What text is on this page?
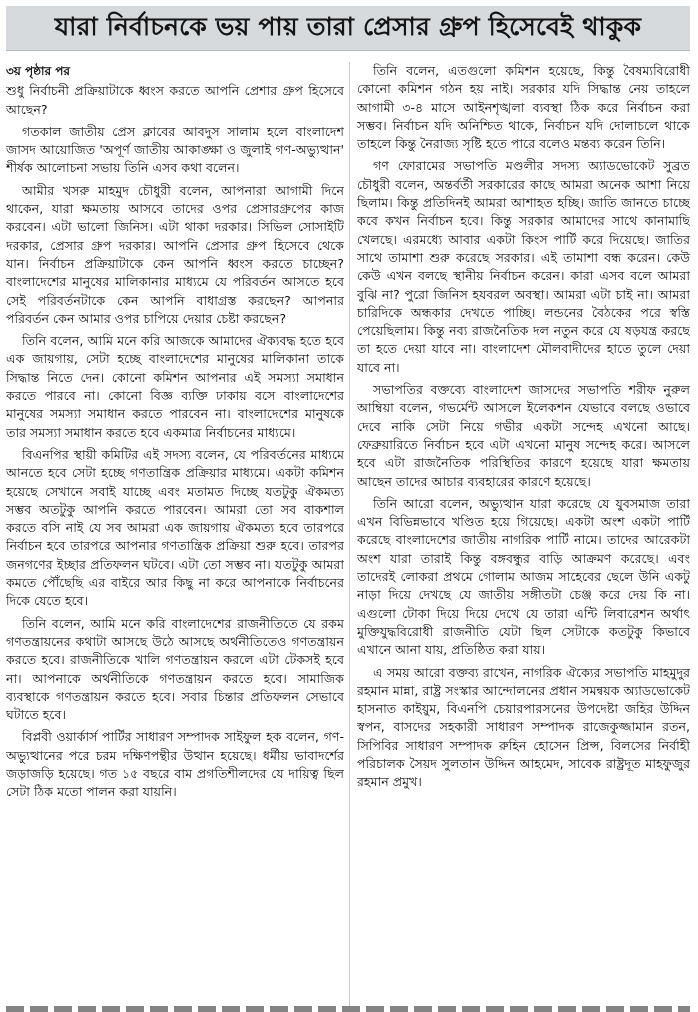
যারা নির্বাচনকে ভয় পায় তারা প্রেসার গ্রুপ হিসেবেই থাকুক

৩য় পৃষ্ঠার পর

শুধু নির্বাচনী প্রক্রিয়াটাকে ধ্বংস করতে আপনি প্রেশার গ্রুপ হিসেবে আছেন?

গতকাল জাতীয় প্রেস ক্লাবের আবদুস সালাম হলে বাংলাদেশ জাসদ আয়োজিত 'অপূর্ণ জাতীয় আকাঙ্ক্ষা ও জুলাই গণ-অভ্যুত্থান' শীর্ষক আলোচনা সভায় তিনি এসব কথা বলেন।

আমীর খসরু মাহমুদ চৌধুরী বলেন, আপনারা আগামী দিনে থাকেন, যারা ক্ষমতায় আসবে তাদের ওপর প্রেসারগ্রুপের কাজ করবেন। এটা ভালো জিনিস। এটা থাকা দরকার। সিভিল সোসাইটি দরকার, প্রেসার গ্রুপ দরকার। আপনি প্রেসার গ্রুপ হিসেবে থেকে যান। নির্বাচন প্রক্রিয়াটাকে কেন আপনি ধ্বংস করতে চাচ্ছেন? বাংলাদেশের মানুষের মালিকানার মাধ্যমে যে পরিবর্তন আসতে হবে সেই পরিবর্তনটাকে কেন আপনি বাধাগ্রস্ত করছেন? আপনার পরিবর্তন কেন আমার ওপর চাপিয়ে দেয়ার চেষ্টা করছেন?

তিনি বলেন, আমি মনে করি আজকে আমাদের ঐক্যবদ্ধ হতে হবে এক জায়গায়, সেটা হচ্ছে বাংলাদেশের মানুষের মালিকানা তাকে সিদ্ধান্ত নিতে দেন। কোনো কমিশন আপনার এই সমস্যা সমাধান করতে পারবে না। কোনো বিজ্ঞ ব্যক্তি ঢাকায় বসে বাংলাদেশের মানুষের সমস্যা সমাধান করতে পারবেন না। বাংলাদেশের মানুষকে তার সমস্যা সমাধান করতে হবে একমাত্র নির্বাচনের মাধ্যমে।

বিএনপির স্থায়ী কমিটির এই সদস্য বলেন, যে পরিবর্তনের মাধ্যমে আনতে হবে সেটা হচ্ছে গণতান্ত্রিক প্রক্রিয়ার মাধ্যমে। একটা কমিশন হয়েছে সেখানে সবাই যাচ্ছে এবং মতামত দিচ্ছে যতটুকু ঐকমত্য সম্ভব অতটুকু আপনি করতে পারবেন। আমরা তো সব বাকশাল করতে বসি নাই যে সব আমরা এক জায়গায় ঐকমত্য হবে তারপরে নির্বাচন হবে তারপরে আপনার গণতান্ত্রিক প্রক্রিয়া শুরু হবে। তারপর জনগণের ইচ্ছার প্রতিফলন ঘটবে। এটা তো সম্ভব না। যতটুকু আমরা কমতে পৌঁছেছি এর বাইরে আর কিছু না করে আপনাকে নির্বাচনের দিকে যেতে হবে।

তিনি বলেন, আমি মনে করি বাংলাদেশের রাজনীতিতে যে রকম গণতন্ত্রায়নের কথাটা আসছে উঠে আসছে অর্থনীতিতেও গণতন্ত্রায়ন করতে হবে। রাজনীতিকে খালি গণতন্ত্রায়ন করলে এটা টেকসই হবে না। আপনাকে অর্থনীতিকে গণতন্ত্রায়ন করতে হবে। সামাজিক ব্যবস্থাকে গণতন্ত্রায়ন করতে হবে। সবার চিন্তার প্রতিফলন সেভাবে ঘটাতে হবে।

বিপ্লবী ওয়ার্কার্স পার্টির সাধারণ সম্পাদক সাইফুল হক বলেন, গণ-অভ্যুত্থানের পরে চরম দক্ষিণপন্থীর উত্থান হয়েছে। ধর্মীয় ভাবাদর্শের জড়াজড়ি হয়েছে। গত ১৫ বছরে বাম প্রগতিশীলদের যে দায়িত্ব ছিল সেটা ঠিক মতো পালন করা যায়নি।

তিনি বলেন, এতগুলো কমিশন হয়েছে, কিন্তু বৈষম্যবিরোধী কোনো কমিশন গঠন হয় নাই। সরকার যদি সিদ্ধান্ত নেয় তাহলে আগামী ৩-৪ মাসে আইনশৃঙ্খলা ব্যবস্থা ঠিক করে নির্বাচন করা সম্ভব। নির্বাচন যদি অনিশ্চিত থাকে, নির্বাচন যদি দোলাচলে থাকে তাহলে কিন্তু নৈরাজ্য সৃষ্টি হতে পারে বলেও মন্তব্য করেন তিনি।

গণ ফোরামের সভাপতি মণ্ডলীর সদস্য অ্যাডভোকেট সুব্রত চৌধুরী বলেন, অন্তর্বর্তী সরকারের কাছে আমরা অনেক আশা নিয়ে ছিলাম। কিন্তু প্রতিদিনই আমরা আশাহত হচ্ছি। জাতি জানতে চাচ্ছে কবে কখন নির্বাচন হবে। কিন্তু সরকার আমাদের সাথে কানামাছি খেলছে। এরমধ্যে আবার একটা কিংস পার্টি করে দিয়েছে। জাতির সাথে তামাশা শুরু করেছে সরকার। এই তামাশা বন্ধ করেন। কেউ কেউ এখন বলছে স্থানীয় নির্বাচন করেন। কারা এসব বলে আমরা বুঝি না? পুরো জিনিস হযবরল অবস্থা। আমরা এটা চাই না। আমরা চারিদিকে অন্ধকার দেখতে পাচ্ছি। লন্ডনের বৈঠকের পরে স্বস্তি পেয়েছিলাম। কিন্তু নব্য রাজনৈতিক দল নতুন করে যে ষড়যন্ত্র করছে তা হতে দেয়া যাবে না। বাংলাদেশ মৌলবাদীদের হাতে তুলে দেয়া যাবে না।

সভাপতির বক্তব্যে বাংলাদেশ জাসদের সভাপতি শরীফ নুরুল আম্বিয়া বলেন, গভর্মেন্ট আসলে ইলেকশন যেভাবে বলছে ওভাবে দেবে নাকি সেটা নিয়ে গভীর একটা সন্দেহ এখনো আছে। ফেব্রুয়ারিতে নির্বাচন হবে এটা এখনো মানুষ সন্দেহ করে। আসলে হবে এটা রাজনৈতিক পরিস্থিতির কারণে হয়েছে যারা ক্ষমতায় আছেন তাদের আচার ব্যবহারের কারণে হয়েছে।

তিনি আরো বলেন, অভ্যুত্থান যারা করেছে যে যুবসমাজ তারা এখন বিভিন্নভাবে খণ্ডিত হয়ে গিয়েছে। একটা অংশ একটা পার্টি করেছে বাংলাদেশের জাতীয় নাগরিক পার্টি নামে। তাদের আরেকটা অংশ যারা তারাই কিন্তু বঙ্গবন্ধুর বাড়ি আক্রমণ করেছে। এবং তাদেরই লোকরা প্রথমে গোলাম আজম সাহেবের ছেলে উনি একটু নাড়া দিয়ে দেখছে যে জাতীয় সঙ্গীতটা চেঞ্জ করে দেয় কি না। এগুলো টোকা দিয়ে দিয়ে দেখে যে তারা এন্টি লিবারেশন অর্থাৎ মুক্তিযুদ্ধবিরোধী রাজনীতি যেটা ছিল সেটাকে কতটুকু কিভাবে এখানে আনা যায়, প্রতিষ্ঠিত করা যায়।

এ সময় আরো বক্তব্য রাখেন, নাগরিক ঐক্যের সভাপতি মাহমুদুর রহমান মান্না, রাষ্ট্র সংস্কার আন্দোলনের প্রধান সমন্বয়ক অ্যাডভোকেট হাসনাত কাইয়ুম, বিএনপি চেয়ারপারসনের উপদেষ্টা জহির উদ্দিন স্বপন, বাসদের সহকারী সাধারণ সম্পাদক রাজেকুজ্জামান রতন, সিপিবির সাধারণ সম্পাদক রুহিন হোসেন প্রিন্স, বিলসের নির্বাহী পরিচালক সৈয়দ সুলতান উদ্দিন আহমেদ, সাবেক রাষ্ট্রদূত মাহফুজুর রহমান প্রমুখ।
